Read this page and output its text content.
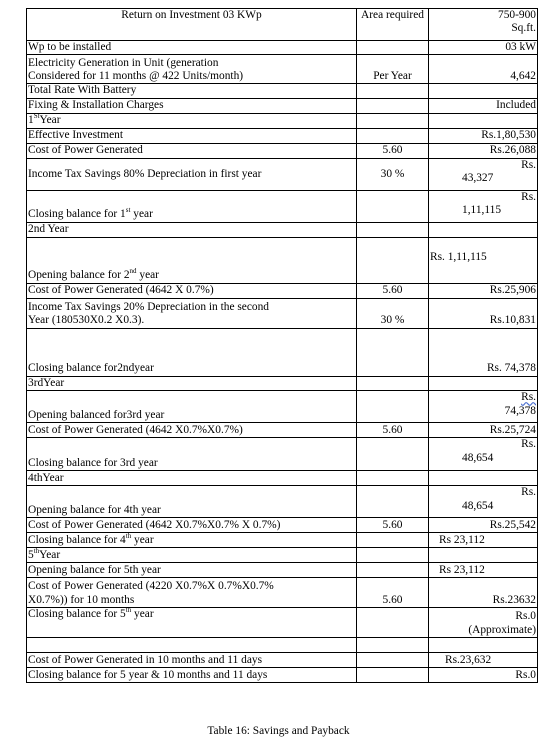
Return on Investment 03 KWp	Area required	750-900
Sq.ft.
Wp to be installed		03 kW
Electricity Generation in Unit (generation
Considered for 11 months @ 422 Units/month)	Per Year	4,642
Total Rate With Battery		
Fixing & Installation Charges		Included
1StYear		
Effective Investment		Rs.1,80,530
Cost of Power Generated	5.60	Rs.26,088
Income Tax Savings 80% Depreciation in first year	30 %	Rs.
43,327

Closing balance for 1st year		Rs.
1,11,115

2nd Year		
Opening balance for 2nd year		Rs. 1,11,115
Cost of Power Generated (4642 X 0.7%)	5.60	Rs.25,906
Income Tax Savings 20% Depreciation in the second
Year (180530X0.2 X0.3).	30 %	Rs.10,831
Closing balance for2ndyear		Rs. 74,378
3rdYear		
Opening balanced for3rd year		Rs.
74,378

Cost of Power Generated (4642 X0.7%X0.7%)	5.60	Rs.25,724
Closing balance for 3rd year		Rs.
48,654

4thYear		
Opening balance for 4th year		Rs.
48,654

Cost of Power Generated (4642 X0.7%X0.7% X 0.7%)	5.60	Rs.25,542
Closing balance for 4th year		Rs 23,112
5thYear		
Opening balance for 5th year		Rs 23,112
Cost of Power Generated (4220 X0.7%X 0.7%X0.7%
X0.7%)) for 10 months	5.60	Rs.23632
Closing balance for 5th year		Rs.0
(Approximate)

Cost of Power Generated in 10 months and 11 days		Rs.23,632
Closing balance for 5 year & 10 months and 11 days		Rs.0
Table 16: Savings and Payback
